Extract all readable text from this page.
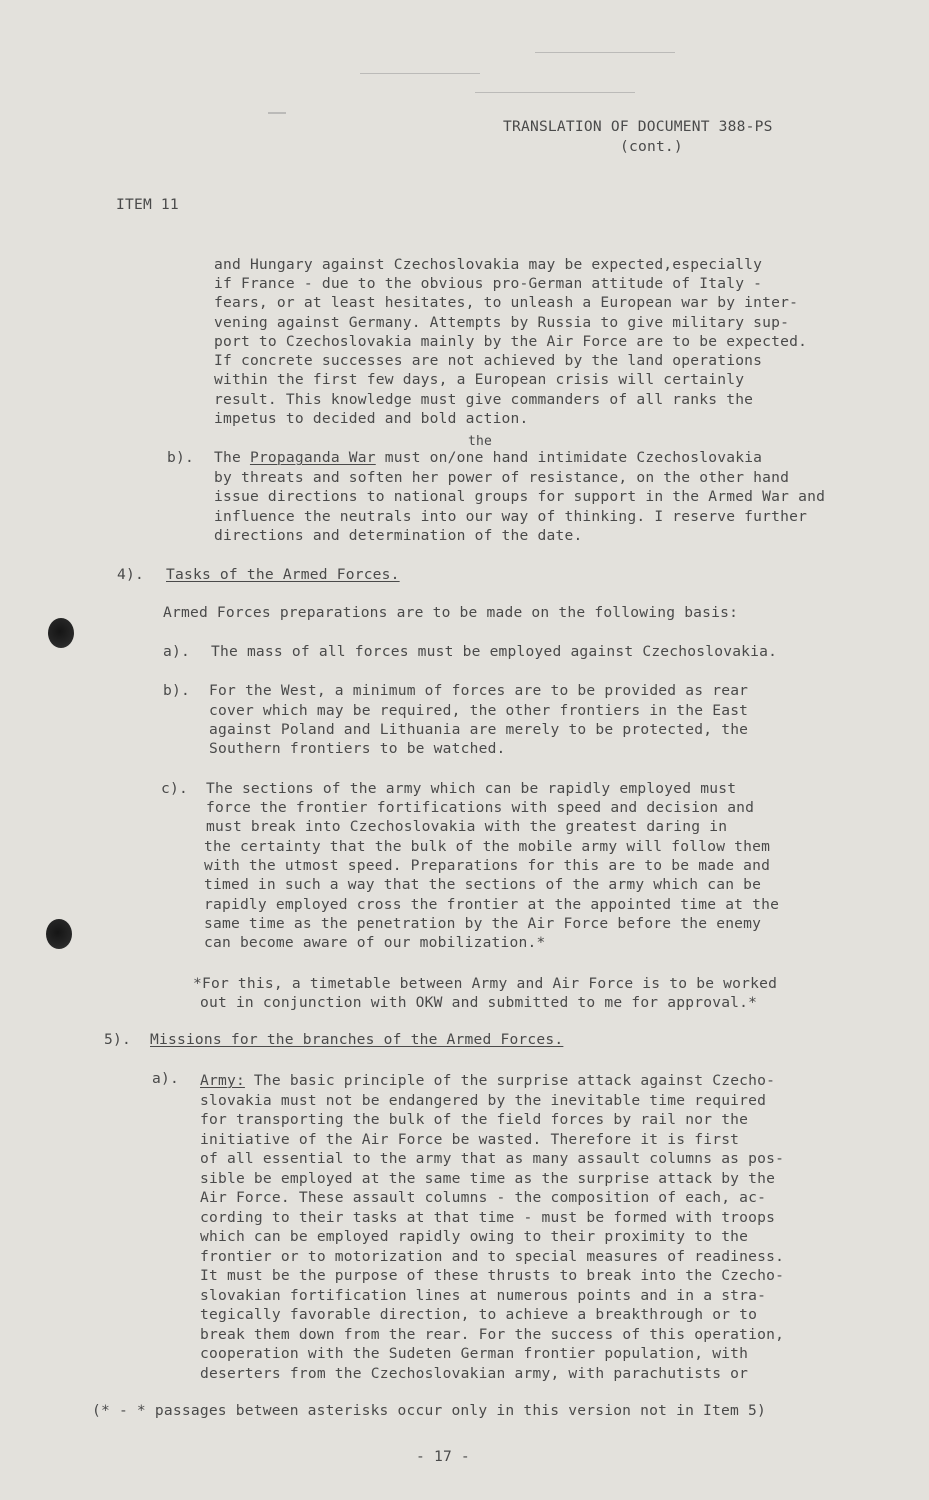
TRANSLATION OF DOCUMENT 388-PS
(cont.)
ITEM 11
and Hungary against Czechoslovakia may be expected,especially
if France - due to the obvious pro-German attitude of Italy -
fears, or at least hesitates, to unleash a European war by inter-
vening against Germany. Attempts by Russia to give military sup-
port to Czechoslovakia mainly by the Air Force are to be expected.
If concrete successes are not achieved by the land operations
within the first few days, a European crisis will certainly
result. This knowledge must give commanders of all ranks the
impetus to decided and bold action.
the
b). The Propaganda War must on/one hand intimidate Czechoslovakia
by threats and soften her power of resistance, on the other hand
issue directions to national groups for support in the Armed War and
influence the neutrals into our way of thinking. I reserve further
directions and determination of the date.
4). Tasks of the Armed Forces.
Armed Forces preparations are to be made on the following basis:
a). The mass of all forces must be employed against Czechoslovakia.
b). For the West, a minimum of forces are to be provided as rear
cover which may be required, the other frontiers in the East
against Poland and Lithuania are merely to be protected, the
Southern frontiers to be watched.
c). The sections of the army which can be rapidly employed must
force the frontier fortifications with speed and decision and
must break into Czechoslovakia with the greatest daring in
the certainty that the bulk of the mobile army will follow them
with the utmost speed. Preparations for this are to be made and
timed in such a way that the sections of the army which can be
rapidly employed cross the frontier at the appointed time at the
same time as the penetration by the Air Force before the enemy
can become aware of our mobilization.*
*For this, a timetable between Army and Air Force is to be worked
out in conjunction with OKW and submitted to me for approval.*
5). Missions for the branches of the Armed Forces.
a). Army: The basic principle of the surprise attack against Czecho-
slovakia must not be endangered by the inevitable time required
for transporting the bulk of the field forces by rail nor the
initiative of the Air Force be wasted. Therefore it is first
of all essential to the army that as many assault columns as pos-
sible be employed at the same time as the surprise attack by the
Air Force. These assault columns - the composition of each, ac-
cording to their tasks at that time - must be formed with troops
which can be employed rapidly owing to their proximity to the
frontier or to motorization and to special measures of readiness.
It must be the purpose of these thrusts to break into the Czecho-
slovakian fortification lines at numerous points and in a stra-
tegically favorable direction, to achieve a breakthrough or to
break them down from the rear. For the success of this operation,
cooperation with the Sudeten German frontier population, with
deserters from the Czechoslovakian army, with parachutists or
(* - * passages between asterisks occur only in this version not in Item 5)
- 17 -
